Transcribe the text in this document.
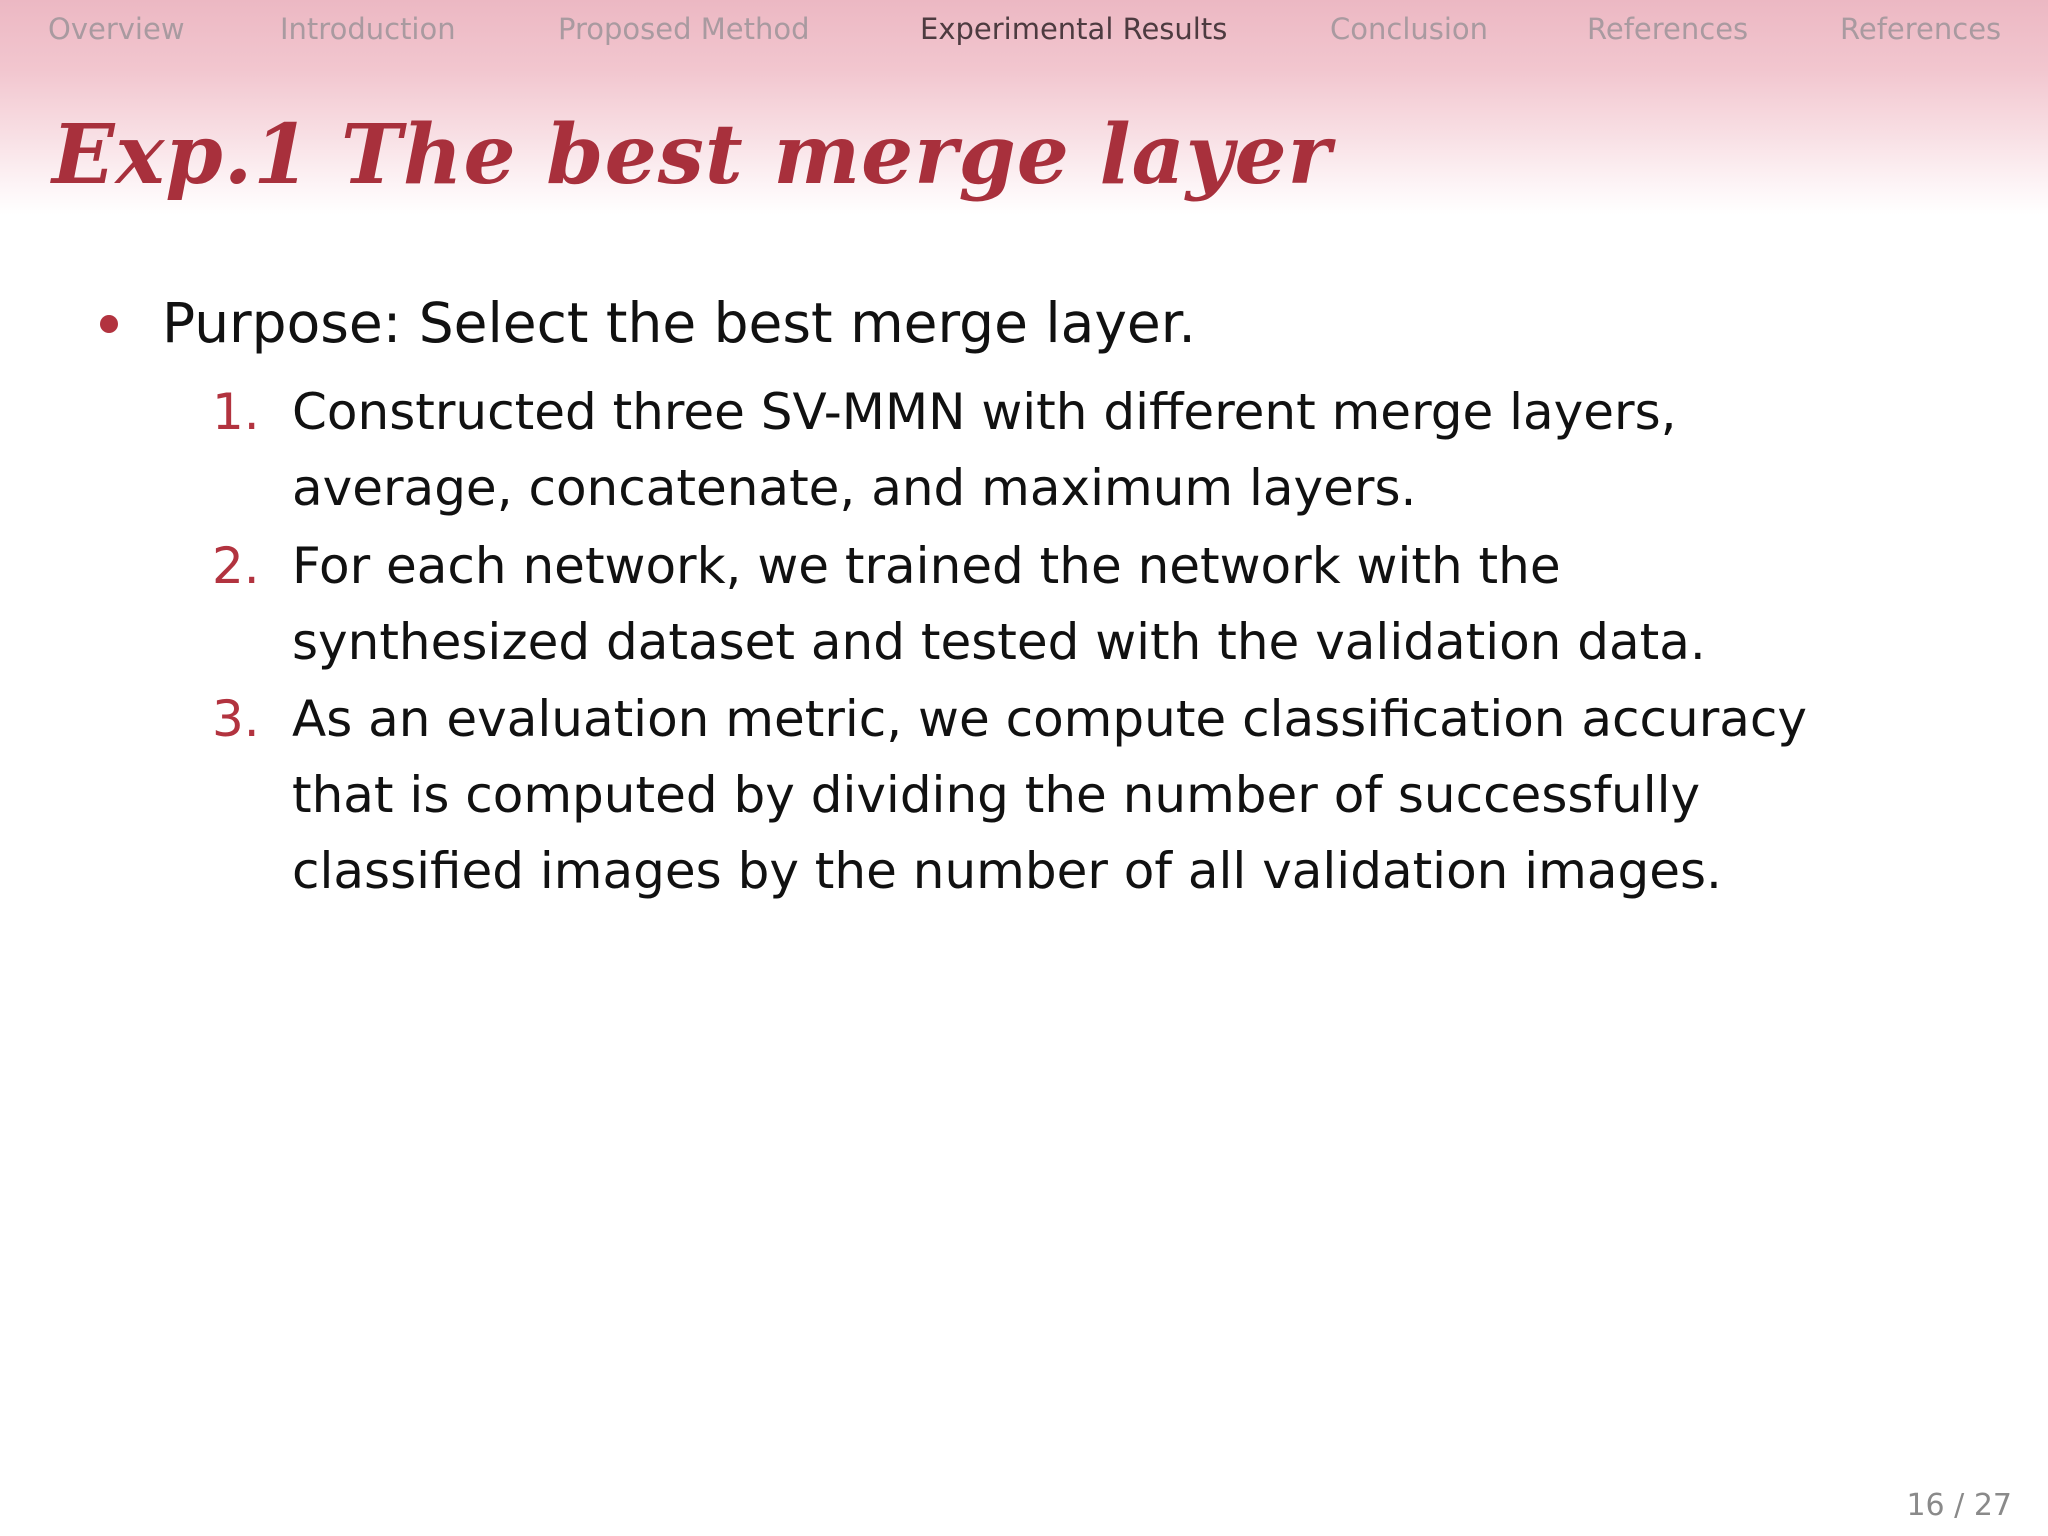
Overview	Introduction	Proposed Method	Experimental Results	Conclusion	References	References
Exp.1 The best merge layer
Purpose: Select the best merge layer.
1. Constructed three SV-MMN with different merge layers,
average, concatenate, and maximum layers.
2. For each network, we trained the network with the
synthesized dataset and tested with the validation data.
3. As an evaluation metric, we compute classification accuracy
that is computed by dividing the number of successfully
classified images by the number of all validation images.
16 / 27
